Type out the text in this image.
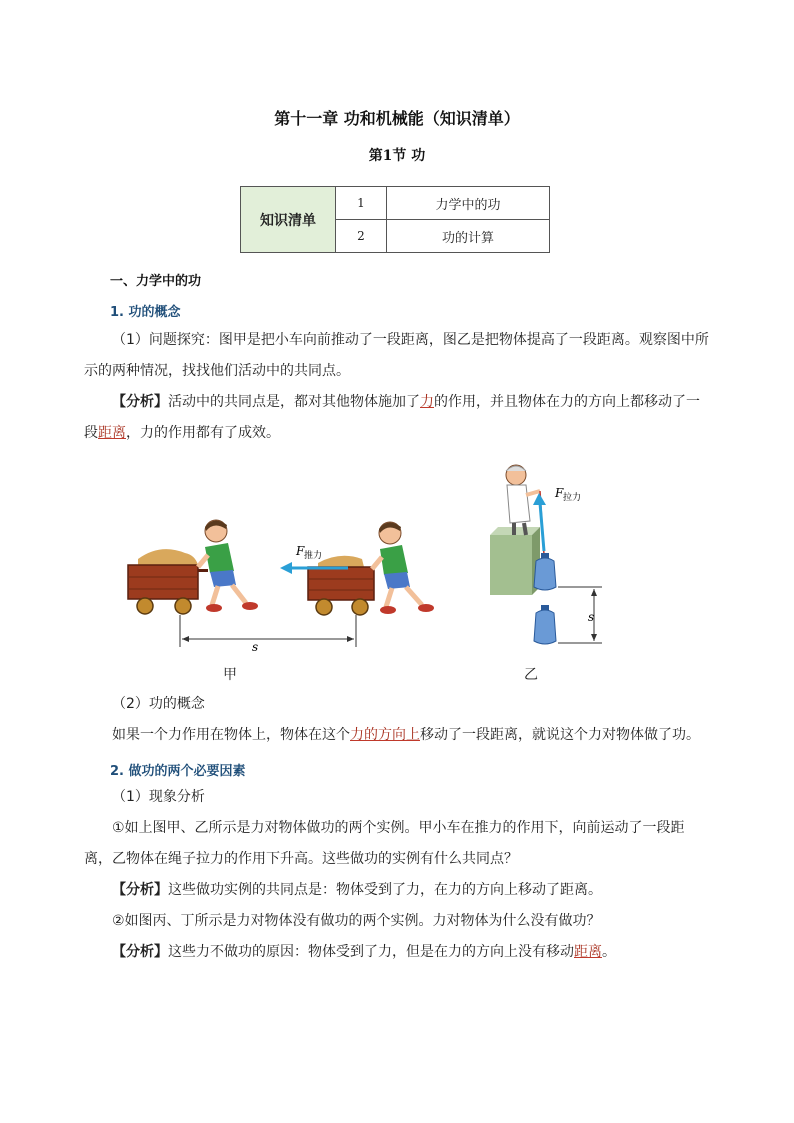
第十一章 功和机械能（知识清单）
第1节 功
知识清单	1	力学中的功
	2	功的计算
一、力学中的功
1. 功的概念
（1）问题探究：图甲是把小车向前推动了一段距离，图乙是把物体提高了一段距离。观察图中所示的两种情况，找找他们活动中的共同点。
【分析】活动中的共同点是，都对其他物体施加了力的作用，并且物体在力的方向上都移动了一段距离，力的作用都有了成效。
F 推力
s
F 拉力
s
甲	乙
（2）功的概念
如果一个力作用在物体上，物体在这个力的方向上移动了一段距离，就说这个力对物体做了功。
2. 做功的两个必要因素
（1）现象分析
①如上图甲、乙所示是力对物体做功的两个实例。甲小车在推力的作用下，向前运动了一段距离，乙物体在绳子拉力的作用下升高。这些做功的实例有什么共同点？
【分析】这些做功实例的共同点是：物体受到了力，在力的方向上移动了距离。
②如图丙、丁所示是力对物体没有做功的两个实例。力对物体为什么没有做功？
【分析】这些力不做功的原因：物体受到了力，但是在力的方向上没有移动距离。
